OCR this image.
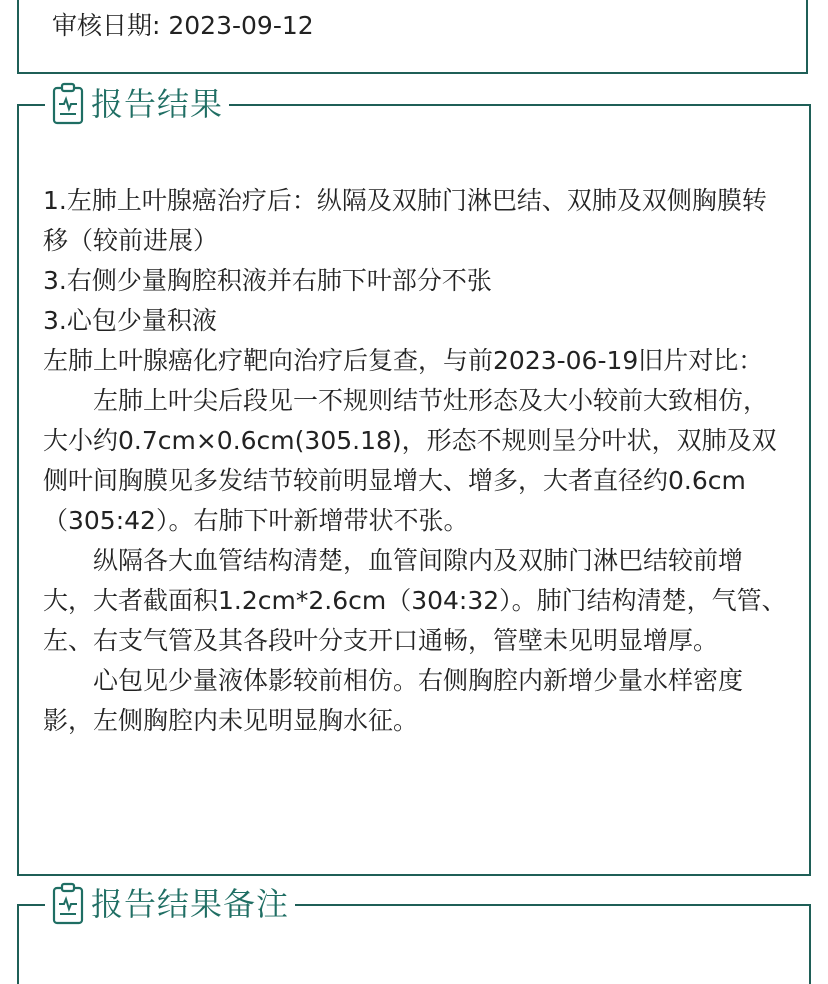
审核日期: 2023-09-12
报告结果

1.左肺上叶腺癌治疗后：纵隔及双肺门淋巴结、双肺及双侧胸膜转移（较前进展）

3.右侧少量胸腔积液并右肺下叶部分不张

3.心包少量积液

左肺上叶腺癌化疗靶向治疗后复查，与前2023-06-19旧片对比：

左肺上叶尖后段见一不规则结节灶形态及大小较前大致相仿，大小约0.7cm×0.6cm(305.18)，形态不规则呈分叶状，双肺及双侧叶间胸膜见多发结节较前明显增大、增多，大者直径约0.6cm（305:42）。右肺下叶新增带状不张。

纵隔各大血管结构清楚，血管间隙内及双肺门淋巴结较前增大，大者截面积1.2cm*2.6cm（304:32）。肺门结构清楚，气管、左、右支气管及其各段叶分支开口通畅，管壁未见明显增厚。

心包见少量液体影较前相仿。右侧胸腔内新增少量水样密度影，左侧胸腔内未见明显胸水征。

报告结果备注
